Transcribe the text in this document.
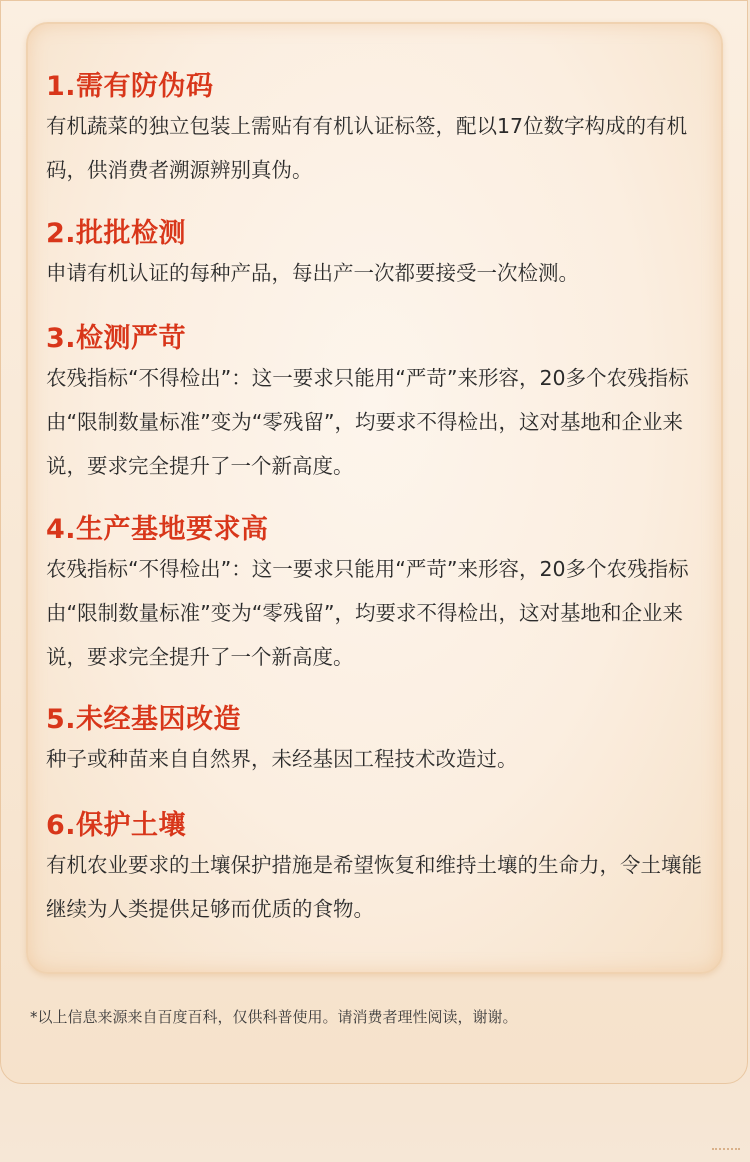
1.需有防伪码
有机蔬菜的独立包装上需贴有有机认证标签，配以17位数字构成的有机码，供消费者溯源辨别真伪。
2.批批检测
申请有机认证的每种产品，每出产一次都要接受一次检测。
3.检测严苛
农残指标“不得检出”：这一要求只能用“严苛”来形容，20多个农残指标由“限制数量标准”变为“零残留”，均要求不得检出，这对基地和企业来说，要求完全提升了一个新高度。
4.生产基地要求高
农残指标“不得检出”：这一要求只能用“严苛”来形容，20多个农残指标由“限制数量标准”变为“零残留”，均要求不得检出，这对基地和企业来说，要求完全提升了一个新高度。
5.未经基因改造
种子或种苗来自自然界，未经基因工程技术改造过。
6.保护土壤
有机农业要求的土壤保护措施是希望恢复和维持土壤的生命力，令土壤能继续为人类提供足够而优质的食物。
*以上信息来源来自百度百科，仅供科普使用。请消费者理性阅读，谢谢。
